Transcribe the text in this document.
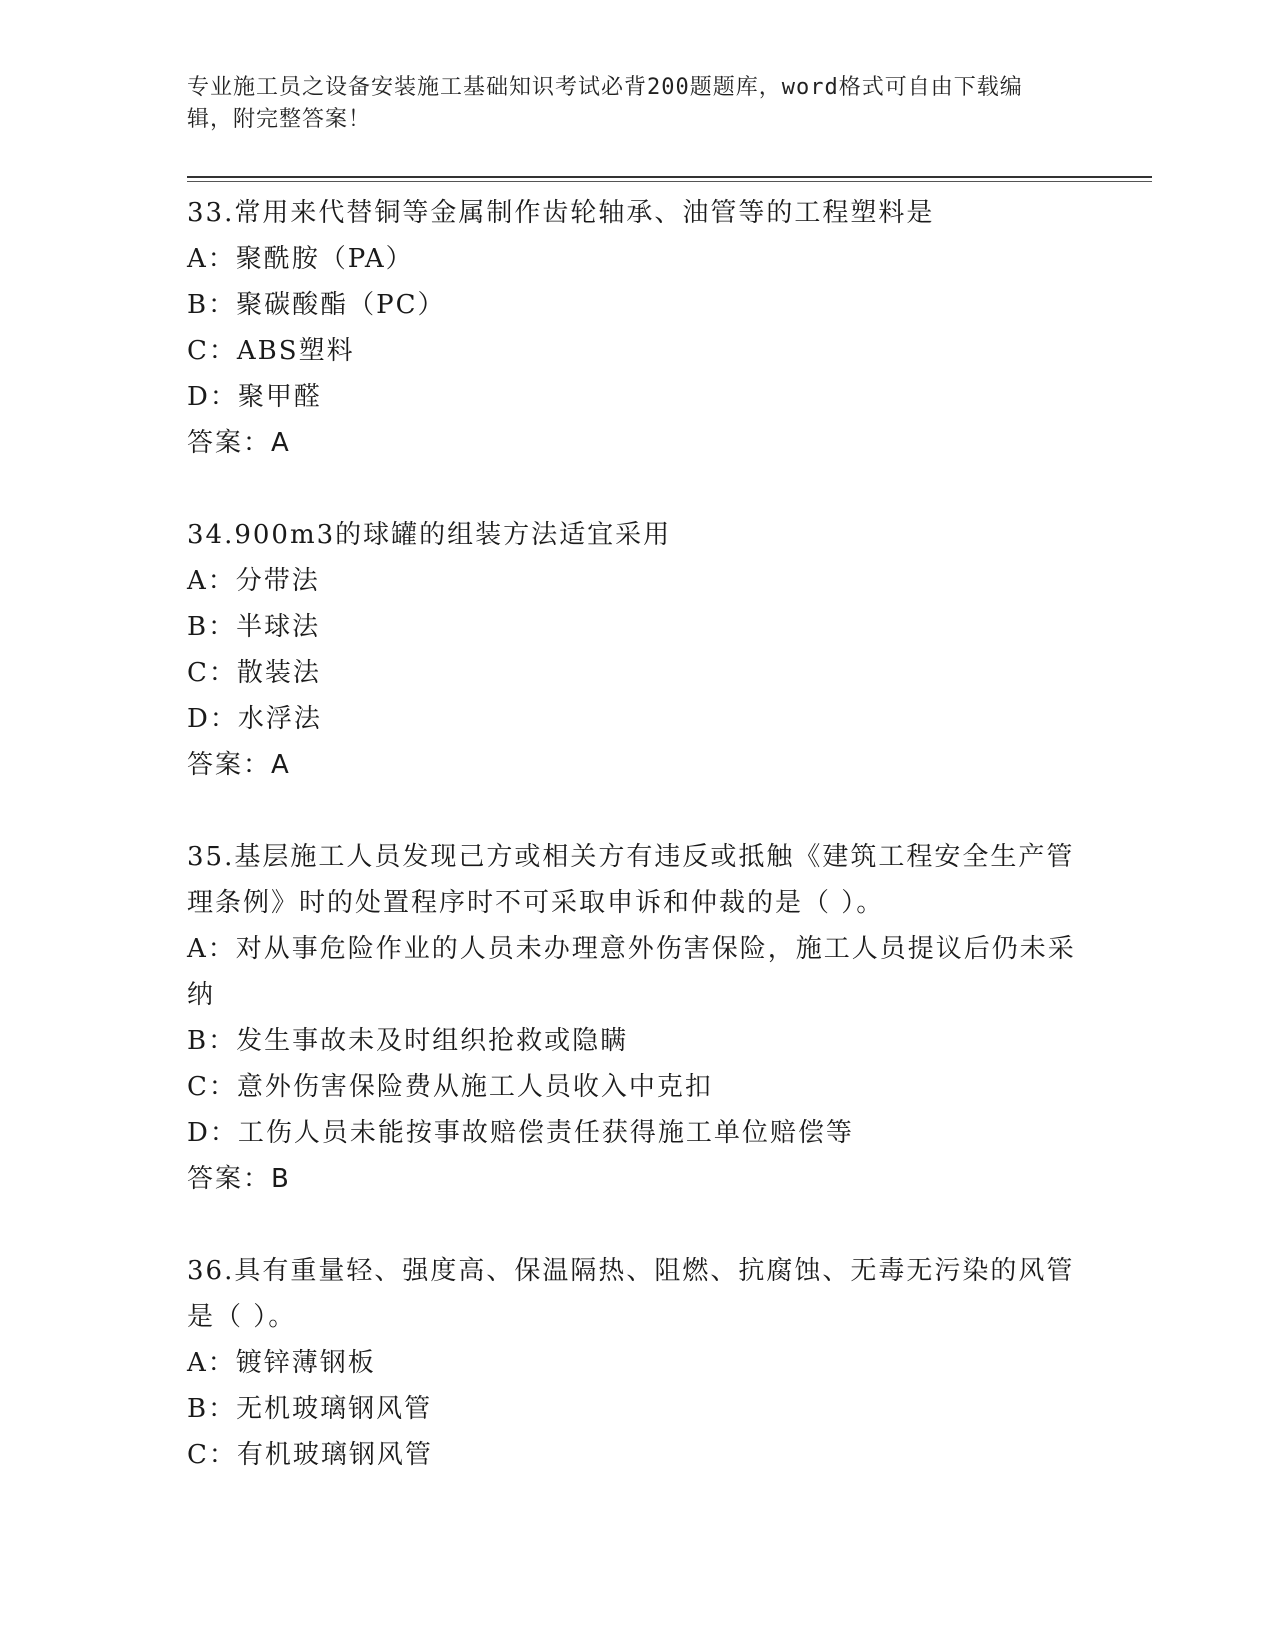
专业施工员之设备安装施工基础知识考试必背200题题库，word格式可自由下载编辑，附完整答案！
33.常用来代替铜等金属制作齿轮轴承、油管等的工程塑料是
A：聚酰胺（PA）
B：聚碳酸酯（PC）
C：ABS塑料
D：聚甲醛
答案：A
34.900m3的球罐的组装方法适宜采用
A：分带法
B：半球法
C：散装法
D：水浮法
答案：A
35.基层施工人员发现己方或相关方有违反或抵触《建筑工程安全生产管理条例》时的处置程序时不可采取申诉和仲裁的是（ ）。
A：对从事危险作业的人员未办理意外伤害保险，施工人员提议后仍未采纳
B：发生事故未及时组织抢救或隐瞒
C：意外伤害保险费从施工人员收入中克扣
D：工伤人员未能按事故赔偿责任获得施工单位赔偿等
答案：B
36.具有重量轻、强度高、保温隔热、阻燃、抗腐蚀、无毒无污染的风管是（ ）。
A：镀锌薄钢板
B：无机玻璃钢风管
C：有机玻璃钢风管
